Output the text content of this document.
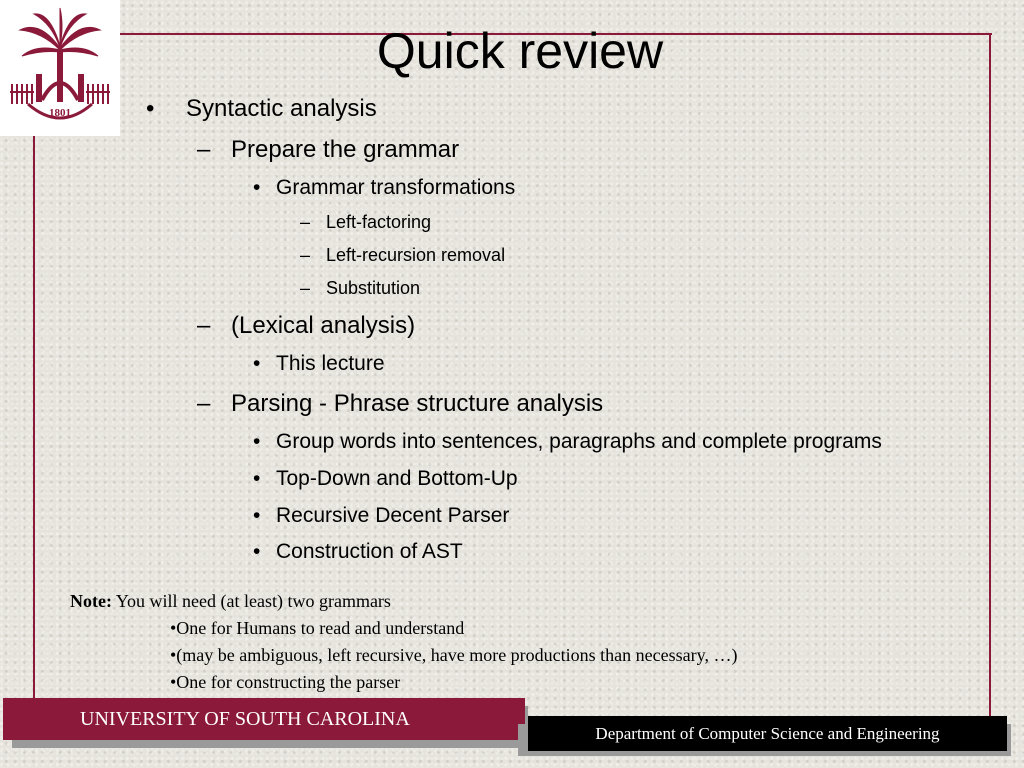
1801
Quick review
• Syntactic analysis
– Prepare the grammar
• Grammar transformations
– Left-factoring
– Left-recursion removal
– Substitution
– (Lexical analysis)
• This lecture
– Parsing - Phrase structure analysis
• Group words into sentences, paragraphs and complete programs
• Top-Down and Bottom-Up
• Recursive Decent Parser
• Construction of AST
Note: You will need (at least) two grammars
•One for Humans to read and understand
•(may be ambiguous, left recursive, have more productions than necessary, …)
•One for constructing the parser
UNIVERSITY OF SOUTH CAROLINA
Department of Computer Science and Engineering
